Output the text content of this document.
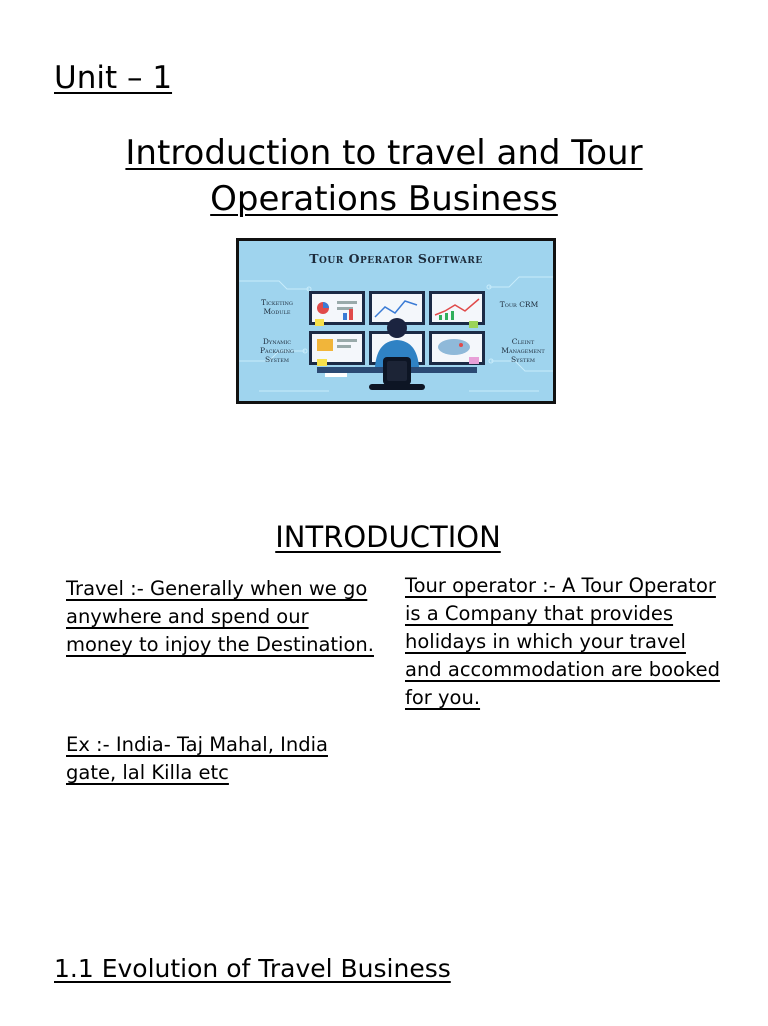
Unit – 1
Introduction to travel and Tour
Operations Business
Tour Operator Software
Ticketing
Module
Dynamic
Packaging
System
Tour CRM
Cleint
Management
System
INTRODUCTION
Travel :- Generally when we go anywhere and spend our money to injoy the Destination.
Ex :- India- Taj Mahal, India gate, lal Killa etc
Tour operator :- A Tour Operator is a Company that provides holidays in which your travel and accommodation are booked for you.
1.1 Evolution of Travel Business
